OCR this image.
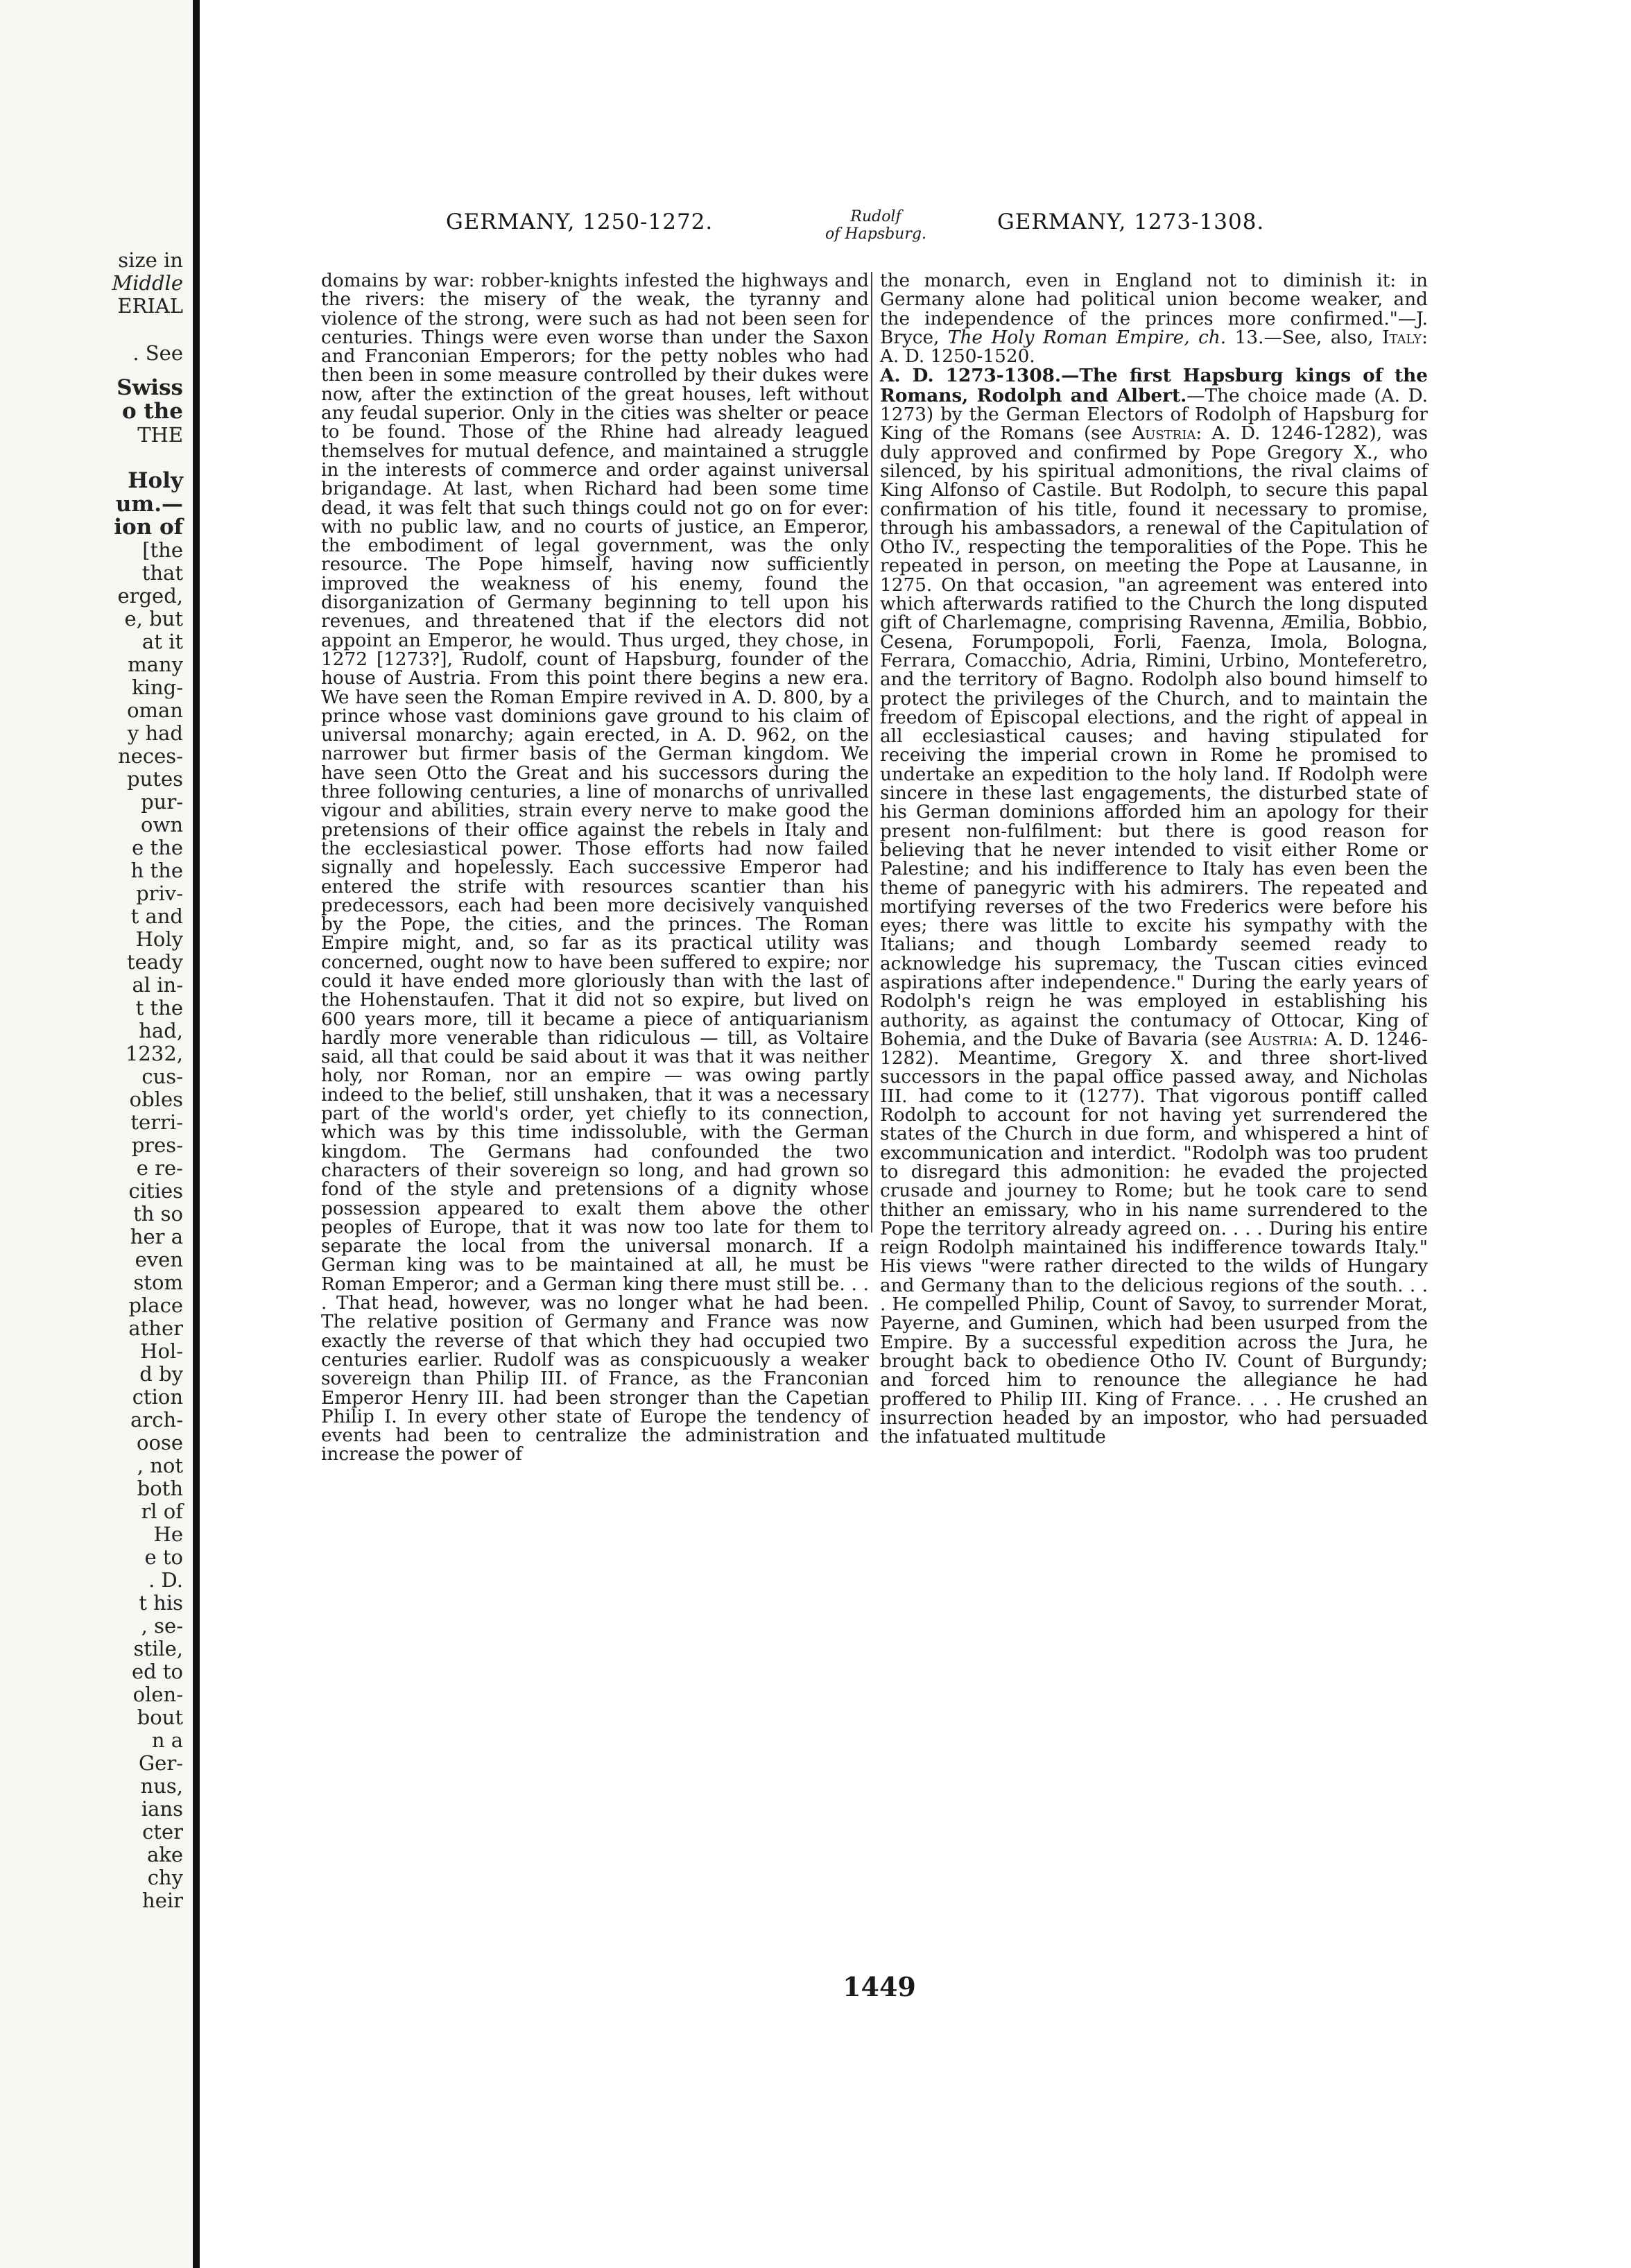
size in
Middle
ERIAL
. See
Swiss
o the
THE
Holy
um.—
ion of
[the
that
erged,
e, but
at it
many
king-
oman
y had
neces-
putes
pur-
own
e the
h the
priv-
t and
Holy
teady
al in-
t the
had,
1232,
cus-
obles
terri-
pres-
e re-
cities
th so
her a
even
stom
place
ather
Hol-
d by
ction
arch-
oose
, not
both
rl of
He
e to
. D.
t his
, se-
stile,
ed to
olen-
bout
n a
Ger-
nus,
ians
cter
ake
chy
heir
GERMANY, 1250-1272.	Rudolf
of Hapsburg.	GERMANY, 1273-1308.

domains by war: robber-knights infested the highways and the rivers: the misery of the weak, the tyranny and violence of the strong, were such as had not been seen for centuries. Things were even worse than under the Saxon and Franconian Emperors; for the petty nobles who had then been in some measure controlled by their dukes were now, after the extinction of the great houses, left without any feudal superior. Only in the cities was shelter or peace to be found. Those of the Rhine had already leagued themselves for mutual defence, and maintained a struggle in the interests of commerce and order against universal brigandage. At last, when Richard had been some time dead, it was felt that such things could not go on for ever: with no public law, and no courts of justice, an Emperor, the embodiment of legal government, was the only resource. The Pope himself, having now sufficiently improved the weakness of his enemy, found the disorganization of Germany beginning to tell upon his revenues, and threatened that if the electors did not appoint an Emperor, he would. Thus urged, they chose, in 1272 [1273?], Rudolf, count of Hapsburg, founder of the house of Austria. From this point there begins a new era. We have seen the Roman Empire revived in A. D. 800, by a prince whose vast dominions gave ground to his claim of universal monarchy; again erected, in A. D. 962, on the narrower but firmer basis of the German kingdom. We have seen Otto the Great and his successors during the three following centuries, a line of monarchs of unrivalled vigour and abilities, strain every nerve to make good the pretensions of their office against the rebels in Italy and the ecclesiastical power. Those efforts had now failed signally and hopelessly. Each successive Emperor had entered the strife with resources scantier than his predecessors, each had been more decisively vanquished by the Pope, the cities, and the princes. The Roman Empire might, and, so far as its practical utility was concerned, ought now to have been suffered to expire; nor could it have ended more gloriously than with the last of the Hohenstaufen. That it did not so expire, but lived on 600 years more, till it became a piece of antiquarianism hardly more venerable than ridiculous — till, as Voltaire said, all that could be said about it was that it was neither holy, nor Roman, nor an empire — was owing partly indeed to the belief, still unshaken, that it was a necessary part of the world's order, yet chiefly to its connection, which was by this time indissoluble, with the German kingdom. The Germans had confounded the two characters of their sovereign so long, and had grown so fond of the style and pretensions of a dignity whose possession appeared to exalt them above the other peoples of Europe, that it was now too late for them to separate the local from the universal monarch. If a German king was to be maintained at all, he must be Roman Emperor; and a German king there must still be. . . . That head, however, was no longer what he had been. The relative position of Germany and France was now exactly the reverse of that which they had occupied two centuries earlier. Rudolf was as conspicuously a weaker sovereign than Philip III. of France, as the Franconian Emperor Henry III. had been stronger than the Capetian Philip I. In every other state of Europe the tendency of events had been to centralize the administration and increase the power of

the monarch, even in England not to diminish it: in Germany alone had political union become weaker, and the independence of the princes more confirmed."—J. Bryce, The Holy Roman Empire, ch. 13.—See, also, Italy: A. D. 1250-1520.

A. D. 1273-1308.—The first Hapsburg kings of the Romans, Rodolph and Albert.—The choice made (A. D. 1273) by the German Electors of Rodolph of Hapsburg for King of the Romans (see Austria: A. D. 1246-1282), was duly approved and confirmed by Pope Gregory X., who silenced, by his spiritual admonitions, the rival claims of King Alfonso of Castile. But Rodolph, to secure this papal confirmation of his title, found it necessary to promise, through his ambassadors, a renewal of the Capitulation of Otho IV., respecting the temporalities of the Pope. This he repeated in person, on meeting the Pope at Lausanne, in 1275. On that occasion, "an agreement was entered into which afterwards ratified to the Church the long disputed gift of Charlemagne, comprising Ravenna, Æmilia, Bobbio, Cesena, Forumpopoli, Forli, Faenza, Imola, Bologna, Ferrara, Comacchio, Adria, Rimini, Urbino, Monteferetro, and the territory of Bagno. Rodolph also bound himself to protect the privileges of the Church, and to maintain the freedom of Episcopal elections, and the right of appeal in all ecclesiastical causes; and having stipulated for receiving the imperial crown in Rome he promised to undertake an expedition to the holy land. If Rodolph were sincere in these last engagements, the disturbed state of his German dominions afforded him an apology for their present non-fulfilment: but there is good reason for believing that he never intended to visit either Rome or Palestine; and his indifference to Italy has even been the theme of panegyric with his admirers. The repeated and mortifying reverses of the two Frederics were before his eyes; there was little to excite his sympathy with the Italians; and though Lombardy seemed ready to acknowledge his supremacy, the Tuscan cities evinced aspirations after independence." During the early years of Rodolph's reign he was employed in establishing his authority, as against the contumacy of Ottocar, King of Bohemia, and the Duke of Bavaria (see Austria: A. D. 1246-1282). Meantime, Gregory X. and three short-lived successors in the papal office passed away, and Nicholas III. had come to it (1277). That vigorous pontiff called Rodolph to account for not having yet surrendered the states of the Church in due form, and whispered a hint of excommunication and interdict. "Rodolph was too prudent to disregard this admonition: he evaded the projected crusade and journey to Rome; but he took care to send thither an emissary, who in his name surrendered to the Pope the territory already agreed on. . . . During his entire reign Rodolph maintained his indifference towards Italy." His views "were rather directed to the wilds of Hungary and Germany than to the delicious regions of the south. . . . He compelled Philip, Count of Savoy, to surrender Morat, Payerne, and Guminen, which had been usurped from the Empire. By a successful expedition across the Jura, he brought back to obedience Otho IV. Count of Burgundy; and forced him to renounce the allegiance he had proffered to Philip III. King of France. . . . He crushed an insurrection headed by an impostor, who had persuaded the infatuated multitude

1449
